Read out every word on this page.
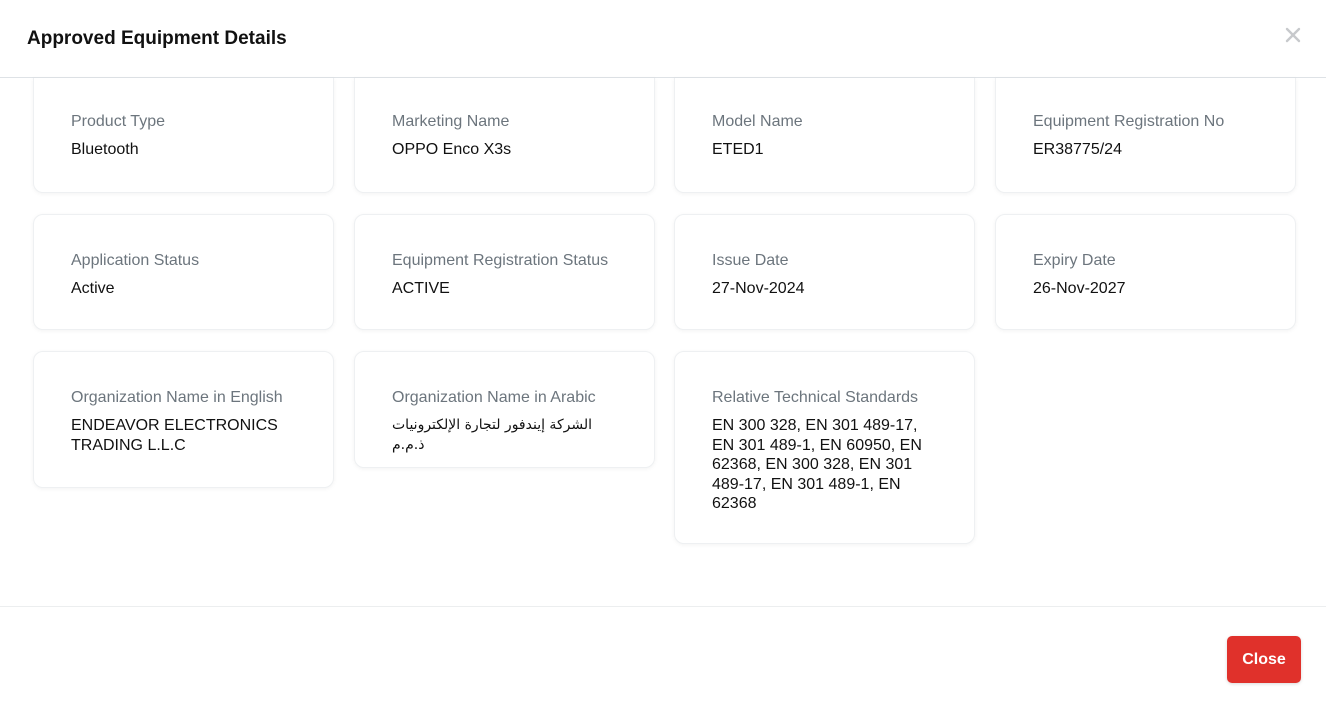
Approved Equipment Details
Product Type
Bluetooth
Marketing Name
OPPO Enco X3s
Model Name
ETED1
Equipment Registration No
ER38775/24
Application Status
Active
Equipment Registration Status
ACTIVE
Issue Date
27-Nov-2024
Expiry Date
26-Nov-2027
Organization Name in English
ENDEAVOR ELECTRONICS TRADING L.L.C
Organization Name in Arabic
الشركة إيندفور لتجارة الإلكترونيات ذ.م.م
Relative Technical Standards
EN 300 328, EN 301 489-17, EN 301 489-1, EN 60950, EN 62368, EN 300 328, EN 301 489-17, EN 301 489-1, EN 62368
Close
